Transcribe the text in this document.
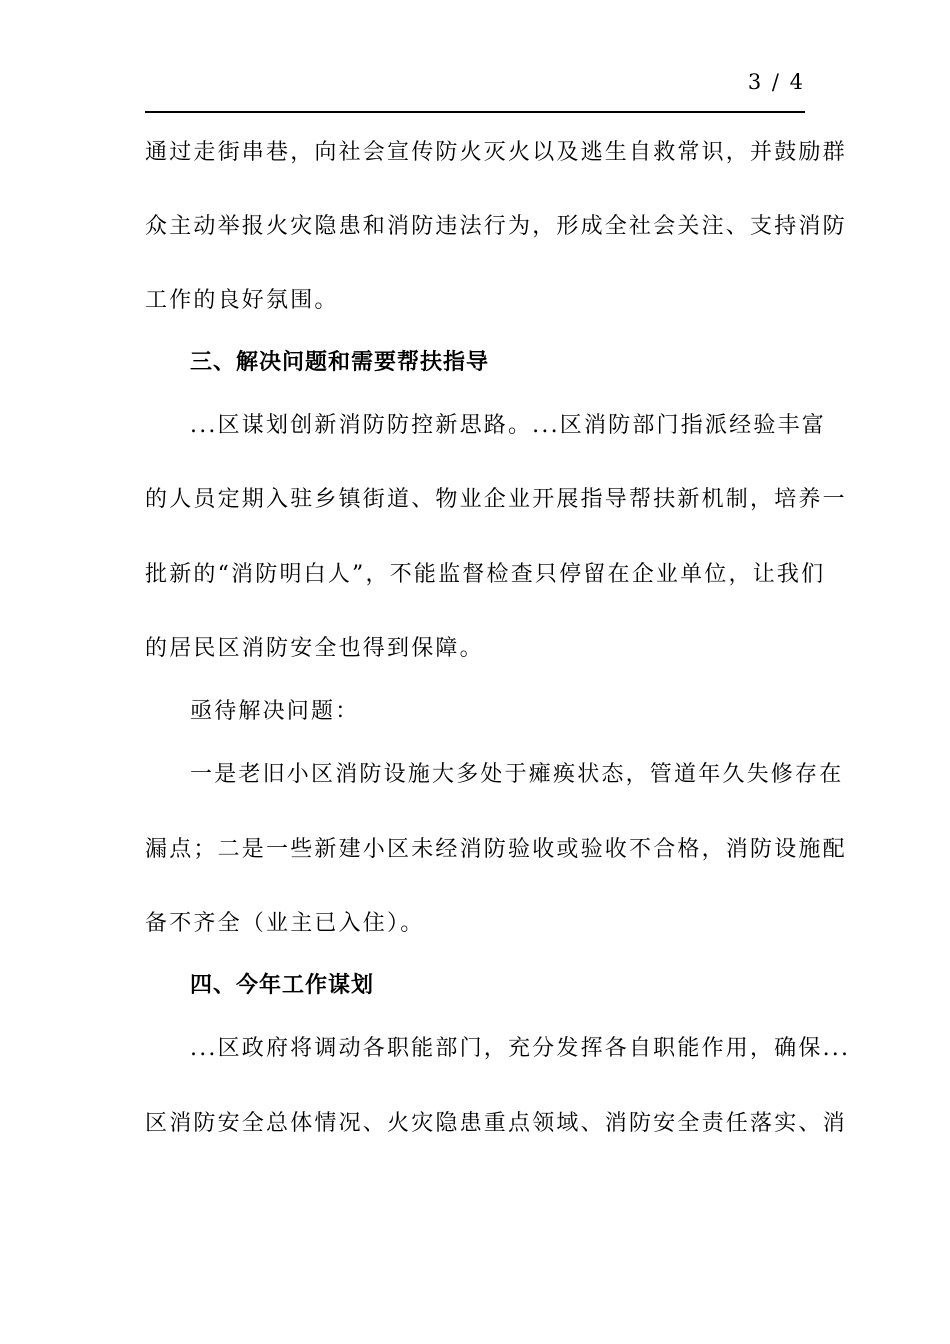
3 / 4
通过走街串巷，向社会宣传防火灭火以及逃生自救常识，并鼓励群
众主动举报火灾隐患和消防违法行为，形成全社会关注、支持消防
工作的良好氛围。
三、解决问题和需要帮扶指导
...区谋划创新消防防控新思路。...区消防部门指派经验丰富
的人员定期入驻乡镇街道、物业企业开展指导帮扶新机制，培养一
批新的“消防明白人”，不能监督检查只停留在企业单位，让我们
的居民区消防安全也得到保障。
亟待解决问题：
一是老旧小区消防设施大多处于瘫痪状态，管道年久失修存在
漏点；二是一些新建小区未经消防验收或验收不合格，消防设施配
备不齐全（业主已入住）。
四、今年工作谋划
...区政府将调动各职能部门，充分发挥各自职能作用，确保...
区消防安全总体情况、火灾隐患重点领域、消防安全责任落实、消
